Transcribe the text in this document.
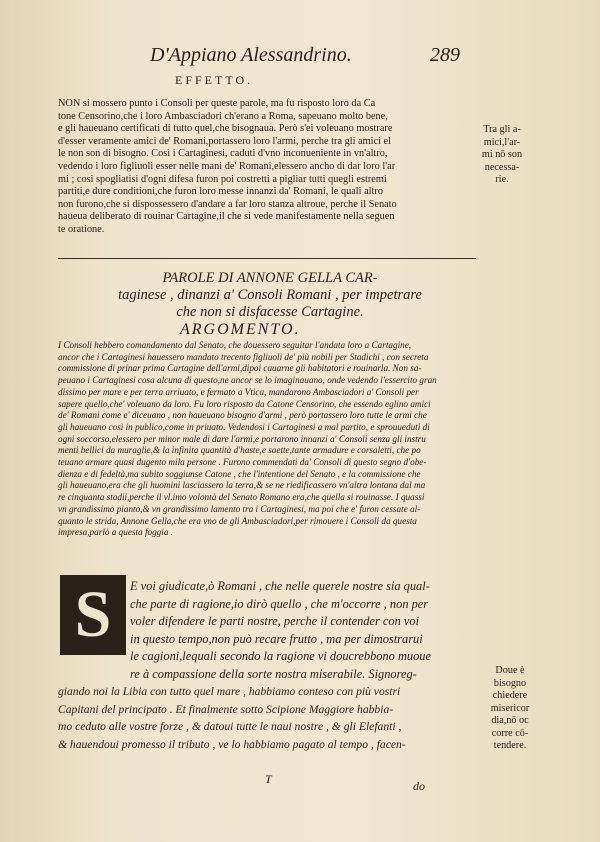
D'Appiano Alessandrino.	289
EFFETTO.
NON si mossero punto i Consoli per queste parole, ma fu risposto loro da Ca
tone Censorino,che i loro Ambasciadori ch'erano a Roma, sapeuano molto bene,
e gli haueuano certificati di tutto quel,che bisognaua. Però s'ei voleuano mostrare
d'esser veramente amici de' Romani,portassero loro l'armi, perche tra gli amici el
le non son di bisogno. Così i Cartaginesi, caduti d'vno inconueniente in vn'altro,
vedendo i loro figliuoli esser nelle mani de' Romani,elessero ancho di dar loro l'ar
mi ; così spogliatisi d'ogni difesa furon poi costretti a pigliar tutti quegli estremi
partiti,e dure conditioni,che furon loro messe innanzi da' Romani, le quali altro
non furono,che si dispossessero d'andare a far loro stanza altroue, perche il Senato
haueua deliberato di rouinar Cartagine,il che si vede manifestamente nella seguen
te oratione.
Tra gli a-
mici,l'ar-
mi nō son
necessa-
rie.
PAROLE DI ANNONE GELLA CAR-
taginese , dinanzi a' Consoli Romani , per impetrare
che non si disfacesse Cartagine.
ARGOMENTO.
I Consoli hebbero comandamento dal Senato, che douessero seguitar l'andata loro a Cartagine,
ancor che i Cartaginesi hauessero mandato trecento figliuoli de' più nobili per Stadichi , con secreta
commissione di prinar prima Cartagine dell'armi,dipoi cauarne gli habitatori e rouinarla. Non sa-
peuano i Cartaginesi cosa alcuna di questo,ne ancor se lo imaginauano, onde vedendo l'essercito gran
dissimo per mare e per terra arriuato, e fermato a Vtica, mandarono Ambasciadori a' Consoli per
sapere quello,che' voleuano da loro. Fu loro risposto da Catone Censorino, che essendo eglino amici
de' Romani come e' diceuano , non haueuano bisogno d'armi , però portassero loro tutte le armi che
gli haueuano così in publico,come in priuato. Vedendosi i Cartaginesi a mal partito, e sprouueduti di
ogni soccorso,elessero per minor male di dare l'armi,e portarono innanzi a' Consoli senza gli instru
menti bellici da muraglie,& la infinita quantità d'haste,e saette,tante armadure e corsaletti, che po
teuano armare quasi dugento mila persone . Furono commendati da' Consoli di questo segno d'obe-
dienza e di fedeltà,ma subito soggiunse Catone , che l'intentione del Senato , e la commissione che
gli haueuano,era che gli huomini lasciassero la terra,& se ne riedificassero vn'altra lontana dal ma
re cinquanta stadii,perche il vl.imo volontà del Senato Romano era,che quella si rouinasse. I quassi
vn grandissimo pianto,& vn grandissimo lamento tra i Cartaginesi, ma poi che e' furon cessate al-
quanto le strida, Annone Gella,che era vno de gli Ambasciadori,per rimouere i Consoli da questa
impresa,parlò a questa foggia .
S	E voi giudicate,ò Romani , che nelle querele nostre sia qual-
che parte di ragione,io dirò quello , che m'occorre , non per
voler difendere le parti nostre, perche il contender con voi
in questo tempo,non può recare frutto , ma per dimostrarui
le cagioni,lequali secondo la ragione vi doucrebbono muoue
re à compassione della sorte nostra miserabile. Signoreg-
giando noi la Libia con tutto quel mare , habbiamo conteso con più vostri
Capitani del principato . Et finalmente sotto Scipione Maggiore habbia-
mo ceduto alle vostre forze , & datoui tutte le naui nostre , & gli Elefanti ,
& hauendoui promesso il tributo , ve lo habbiamo pagato al tempo , facen-
Doue è
bisogno
chiedere
misericor
dia,nō oc
corre cō-
tendere.
T	do
